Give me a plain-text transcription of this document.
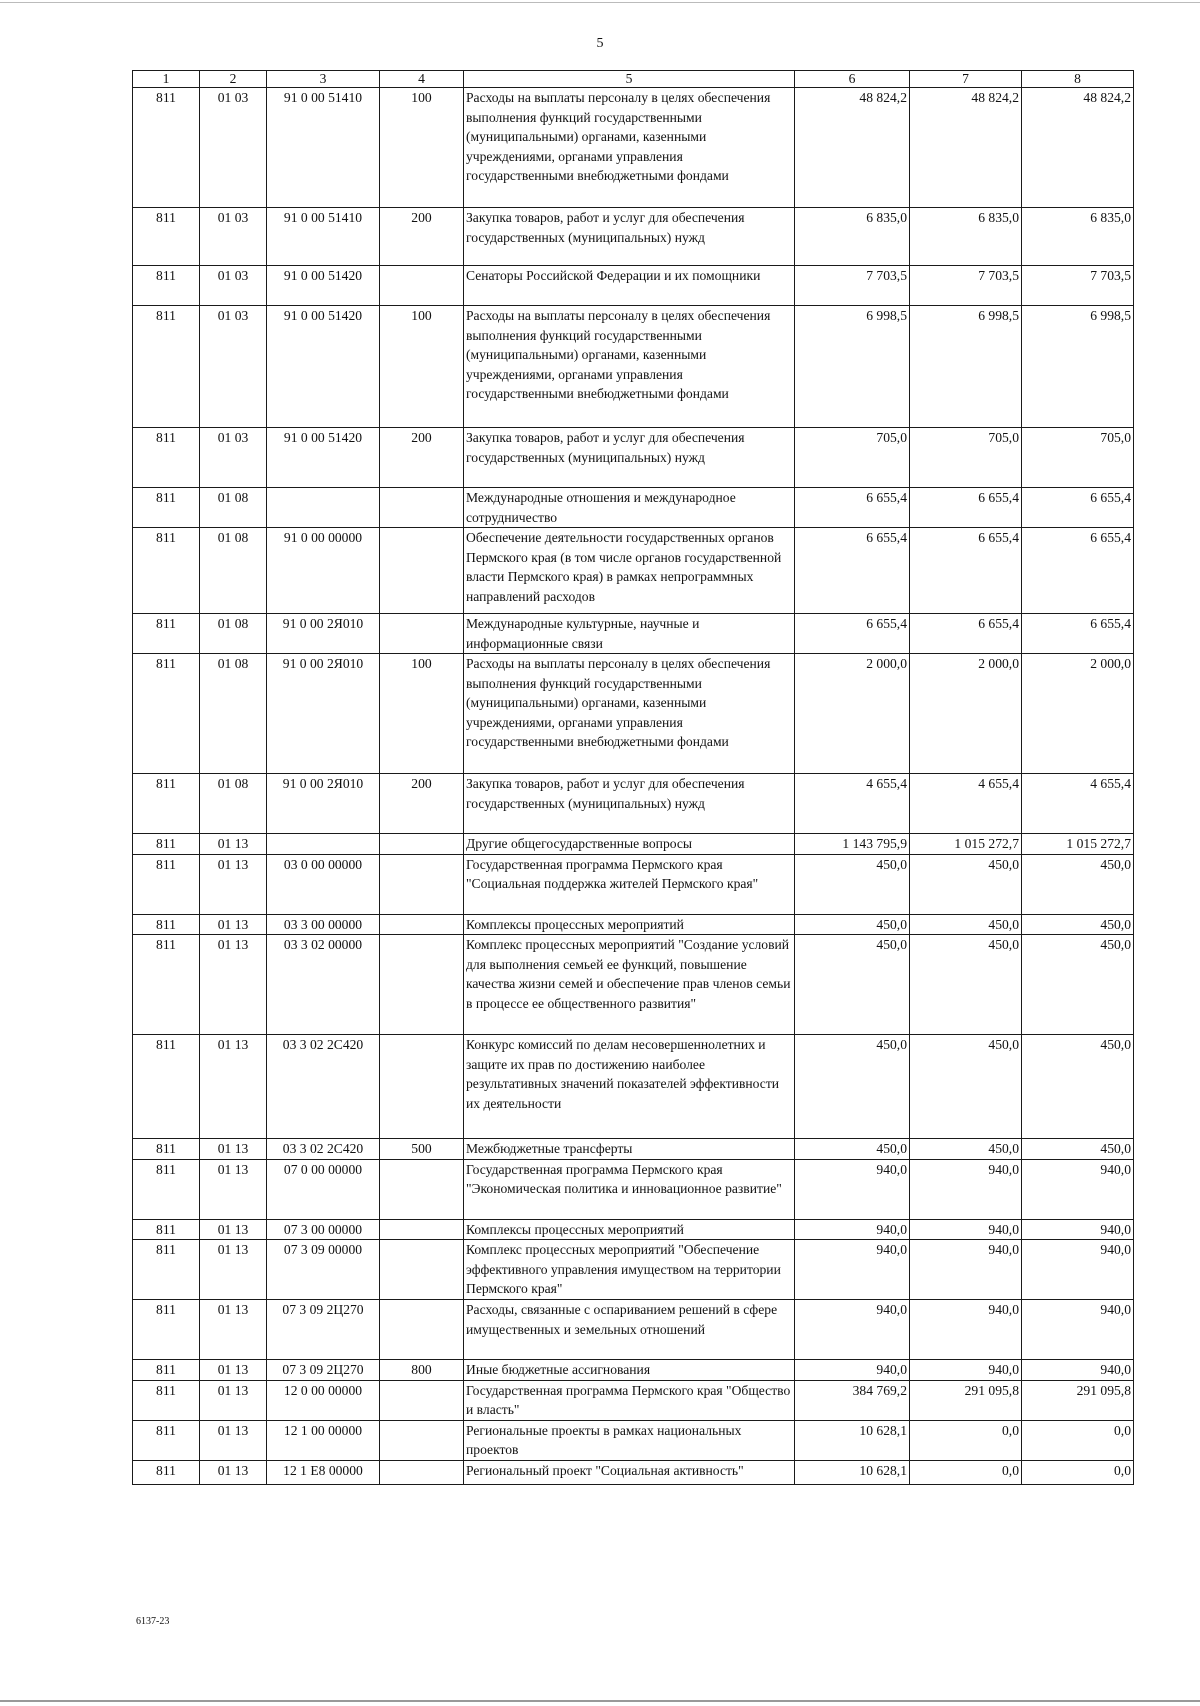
5
1	2	3	4	5	6	7	8
811	01 03	91 0 00 51410	100	Расходы на выплаты персоналу в целях обеспечения выполнения функций государственными (муниципальными) органами, казенными учреждениями, органами управления государственными внебюджетными фондами	48 824,2	48 824,2	48 824,2
811	01 03	91 0 00 51410	200	Закупка товаров, работ и услуг для обеспечения государственных (муниципальных) нужд	6 835,0	6 835,0	6 835,0
811	01 03	91 0 00 51420		Сенаторы Российской Федерации и их помощники	7 703,5	7 703,5	7 703,5
811	01 03	91 0 00 51420	100	Расходы на выплаты персоналу в целях обеспечения выполнения функций государственными (муниципальными) органами, казенными учреждениями, органами управления государственными внебюджетными фондами	6 998,5	6 998,5	6 998,5
811	01 03	91 0 00 51420	200	Закупка товаров, работ и услуг для обеспечения государственных (муниципальных) нужд	705,0	705,0	705,0
811	01 08			Международные отношения и международное сотрудничество	6 655,4	6 655,4	6 655,4
811	01 08	91 0 00 00000		Обеспечение деятельности государственных органов Пермского края (в том числе органов государственной власти Пермского края) в рамках непрограммных направлений расходов	6 655,4	6 655,4	6 655,4
811	01 08	91 0 00 2Я010		Международные культурные, научные и информационные связи	6 655,4	6 655,4	6 655,4
811	01 08	91 0 00 2Я010	100	Расходы на выплаты персоналу в целях обеспечения выполнения функций государственными (муниципальными) органами, казенными учреждениями, органами управления государственными внебюджетными фондами	2 000,0	2 000,0	2 000,0
811	01 08	91 0 00 2Я010	200	Закупка товаров, работ и услуг для обеспечения государственных (муниципальных) нужд	4 655,4	4 655,4	4 655,4
811	01 13			Другие общегосударственные вопросы	1 143 795,9	1 015 272,7	1 015 272,7
811	01 13	03 0 00 00000		Государственная программа Пермского края "Социальная поддержка жителей Пермского края"	450,0	450,0	450,0
811	01 13	03 3 00 00000		Комплексы процессных мероприятий	450,0	450,0	450,0
811	01 13	03 3 02 00000		Комплекс процессных мероприятий "Создание условий для выполнения семьей ее функций, повышение качества жизни семей и обеспечение прав членов семьи в процессе ее общественного развития"	450,0	450,0	450,0
811	01 13	03 3 02 2С420		Конкурс комиссий по делам несовершеннолетних и защите их прав по достижению наиболее результативных значений показателей эффективности их деятельности	450,0	450,0	450,0
811	01 13	03 3 02 2С420	500	Межбюджетные трансферты	450,0	450,0	450,0
811	01 13	07 0 00 00000		Государственная программа Пермского края "Экономическая политика и инновационное развитие"	940,0	940,0	940,0
811	01 13	07 3 00 00000		Комплексы процессных мероприятий	940,0	940,0	940,0
811	01 13	07 3 09 00000		Комплекс процессных мероприятий "Обеспечение эффективного управления имуществом на территории Пермского края"	940,0	940,0	940,0
811	01 13	07 3 09 2Ц270		Расходы, связанные с оспариванием решений в сфере имущественных и земельных отношений	940,0	940,0	940,0
811	01 13	07 3 09 2Ц270	800	Иные бюджетные ассигнования	940,0	940,0	940,0
811	01 13	12 0 00 00000		Государственная программа Пермского края "Общество и власть"	384 769,2	291 095,8	291 095,8
811	01 13	12 1 00 00000		Региональные проекты в рамках национальных проектов	10 628,1	0,0	0,0
811	01 13	12 1 Е8 00000		Региональный проект "Социальная активность"	10 628,1	0,0	0,0
6137-23
